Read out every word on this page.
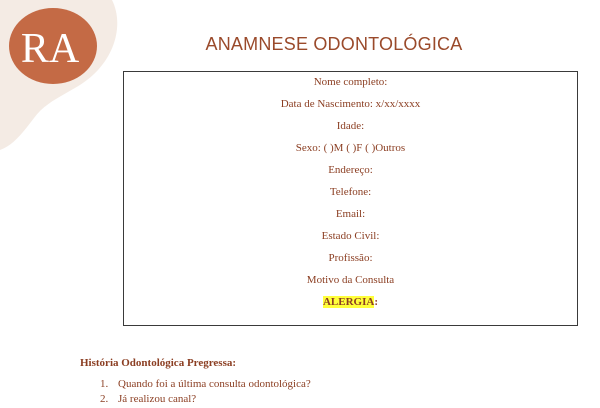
RA	ANAMNESE ODONTOLÓGICA
Nome completo:
Data de Nascimento: x/xx/xxxx
Idade:
Sexo: ( )M ( )F ( )Outros
Endereço:
Telefone:
Email:
Estado Civil:
Profissão:
Motivo da Consulta
ALERGIA:
História Odontológica Pregressa:
1. Quando foi a última consulta odontológica?
2. Já realizou canal?
